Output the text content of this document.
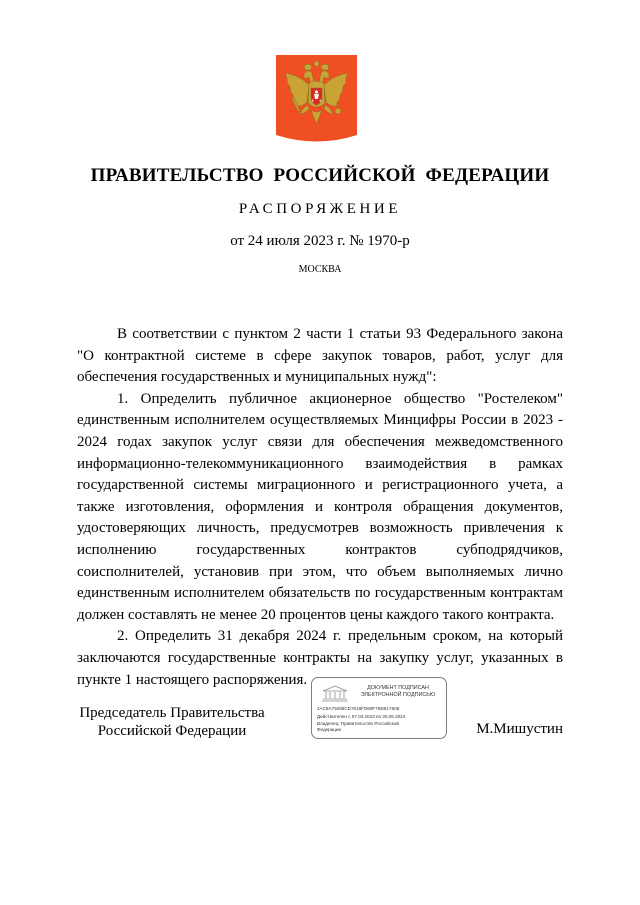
ПРАВИТЕЛЬСТВО РОССИЙСКОЙ ФЕДЕРАЦИИ
РАСПОРЯЖЕНИЕ
от 24 июля 2023 г. № 1970-р
МОСКВА

В соответствии с пунктом 2 части 1 статьи 93 Федерального закона "О контрактной системе в сфере закупок товаров, работ, услуг для обеспечения государственных и муниципальных нужд":

1. Определить публичное акционерное общество "Ростелеком" единственным исполнителем осуществляемых Минцифры России в 2023 - 2024 годах закупок услуг связи для обеспечения межведомственного информационно-телекоммуникационного взаимодействия в рамках государственной системы миграционного и регистрационного учета, а также изготовления, оформления и контроля обращения документов, удостоверяющих личность, предусмотрев возможность привлечения к исполнению государственных контрактов субподрядчиков, соисполнителей, установив при этом, что объем выполняемых лично единственным исполнителем обязательств по государственным контрактам должен составлять не менее 20 процентов цены каждого такого контракта.

2. Определить 31 декабря 2024 г. предельным сроком, на который заключаются государственные контракты на закупку услуг, указанных в пункте 1 настоящего распоряжения.

Председатель Правительства
Российской Федерации
ДОКУМЕНТ ПОДПИСАН
ЭЛЕКТРОННОЙ ПОДПИСЬЮ
2AC9A79285CD7616FD69F76EB1760E
Действителен с 07.03.2023 по 30.05.2024
Владелец: Правительство Российской
Федерации	М.Мишустин
